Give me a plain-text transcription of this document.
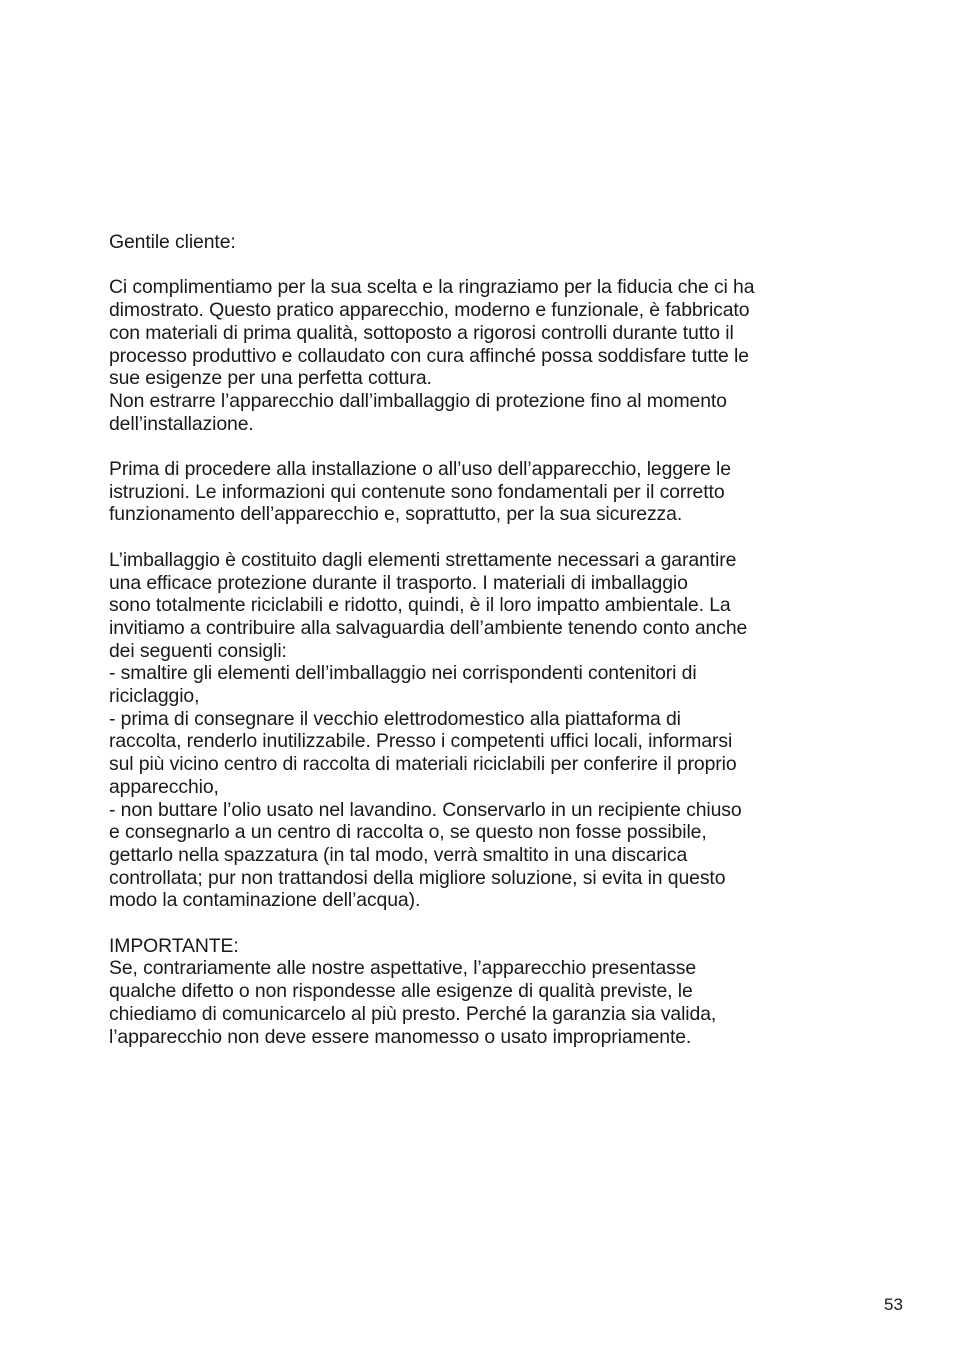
Gentile cliente:
Ci complimentiamo per la sua scelta e la ringraziamo per la fiducia che ci ha
dimostrato. Questo pratico apparecchio, moderno e funzionale, è fabbricato
con materiali di prima qualità, sottoposto a rigorosi controlli durante tutto il
processo produttivo e collaudato con cura affinché possa soddisfare tutte le
sue esigenze per una perfetta cottura.
Non estrarre l’apparecchio dall’imballaggio di protezione fino al momento
dell’installazione.
Prima di procedere alla installazione o all’uso dell’apparecchio, leggere le
istruzioni. Le informazioni qui contenute sono fondamentali per il corretto
funzionamento dell’apparecchio e, soprattutto, per la sua sicurezza.
L’imballaggio è costituito dagli elementi strettamente necessari a garantire
una efficace protezione durante il trasporto. I materiali di imballaggio
sono totalmente riciclabili e ridotto, quindi, è il loro impatto ambientale. La
invitiamo a contribuire alla salvaguardia dell’ambiente tenendo conto anche
dei seguenti consigli:
- smaltire gli elementi dell’imballaggio nei corrispondenti contenitori di
riciclaggio,
- prima di consegnare il vecchio elettrodomestico alla piattaforma di
raccolta, renderlo inutilizzabile. Presso i competenti uffici locali, informarsi
sul più vicino centro di raccolta di materiali riciclabili per conferire il proprio
apparecchio,
- non buttare l’olio usato nel lavandino. Conservarlo in un recipiente chiuso
e consegnarlo a un centro di raccolta o, se questo non fosse possibile,
gettarlo nella spazzatura (in tal modo, verrà smaltito in una discarica
controllata; pur non trattandosi della migliore soluzione, si evita in questo
modo la contaminazione dell’acqua).
IMPORTANTE:
Se, contrariamente alle nostre aspettative, l’apparecchio presentasse
qualche difetto o non rispondesse alle esigenze di qualità previste, le
chiediamo di comunicarcelo al più presto. Perché la garanzia sia valida,
l’apparecchio non deve essere manomesso o usato impropriamente.
53
